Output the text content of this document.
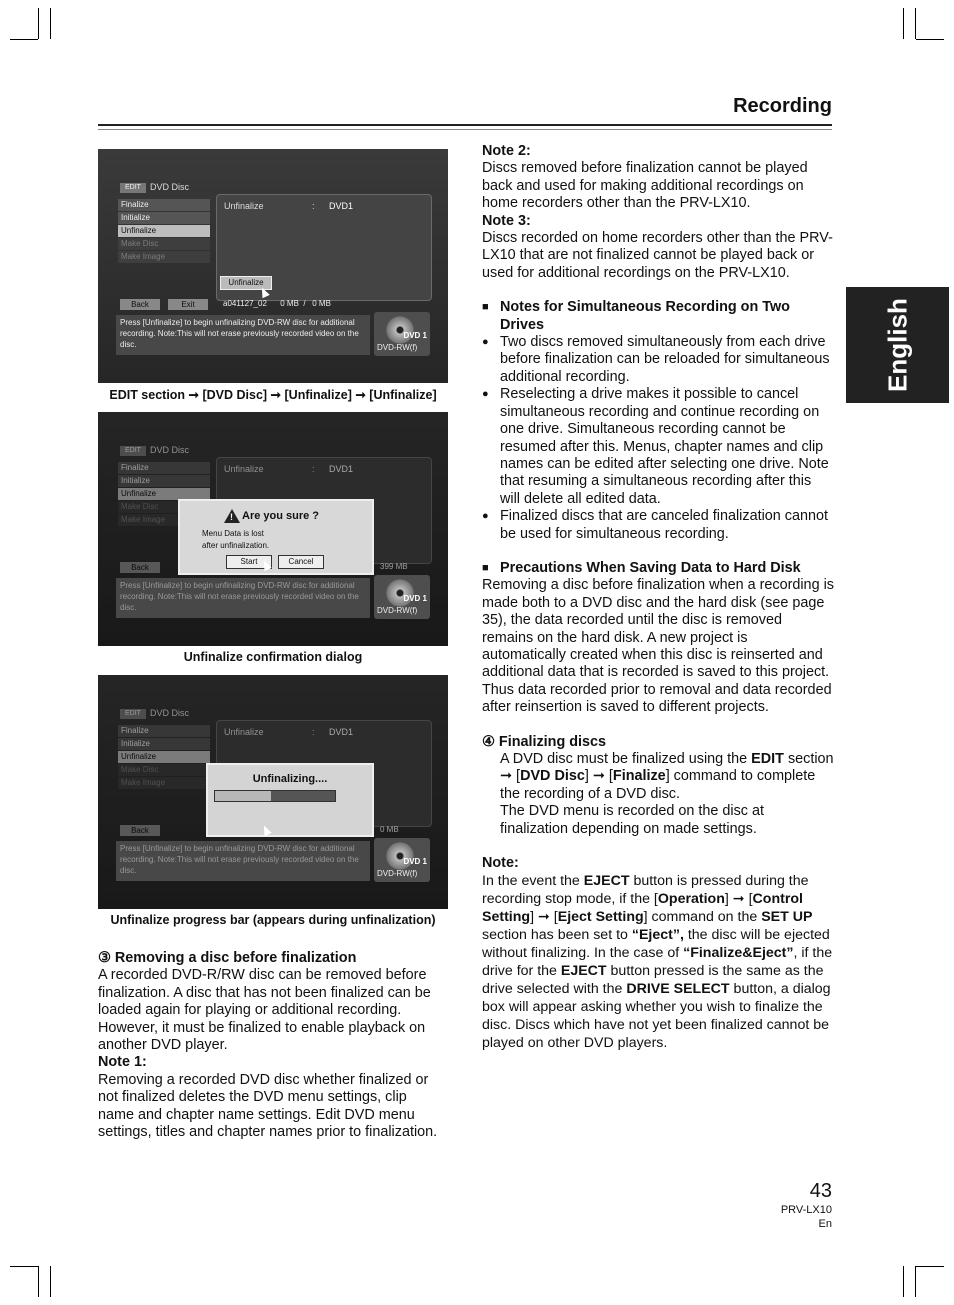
Recording
English
EDIT	DVD Disc
Finalize
Initialize
Unfinalize
Make Disc
Make Image
Unfinalize	: DVD1
Unfinalize
Back	Exit	a041127_02      0 MB  /   0 MB
Press [Unfinalize] to begin unfinalizing DVD-RW disc for additional recording. Note:This will not erase previously recorded video on the disc.
DVD 1
DVD-RW(f)
EDIT section ➞ [DVD Disc] ➞ [Unfinalize] ➞ [Unfinalize]
EDIT	DVD Disc
Finalize
Initialize
Unfinalize
Make Disc
Make Image
Unfinalize	: DVD1
Back	399 MB
! Are you sure ?
Menu Data is lost
after unfinalization.
Start	Cancel
Press [Unfinalize] to begin unfinalizing DVD-RW disc for additional recording. Note:This will not erase previously recorded video on the disc.
DVD 1
DVD-RW(f)
Unfinalize confirmation dialog
EDIT	DVD Disc
Finalize
Initialize
Unfinalize
Make Disc
Make Image
Unfinalize	: DVD1
Back	0 MB
Unfinalizing....
Press [Unfinalize] to begin unfinalizing DVD-RW disc for additional recording. Note:This will not erase previously recorded video on the disc.
DVD 1
DVD-RW(f)
Unfinalize progress bar (appears during unfinalization)

③ Removing a disc before finalization

A recorded DVD-R/RW disc can be removed before finalization. A disc that has not been finalized can be loaded again for playing or additional recording. However, it must be finalized to enable playback on another DVD player.

Note 1:

Removing a recorded DVD disc whether finalized or not finalized deletes the DVD menu settings, clip name and chapter name settings. Edit DVD menu settings, titles and chapter names prior to finalization.

Note 2:

Discs removed before finalization cannot be played back and used for making additional recordings on home recorders other than the PRV-LX10.

Note 3:

Discs recorded on home recorders other than the PRV-LX10 that are not finalized cannot be played back or used for additional recordings on the PRV-LX10.

■ Notes for Simultaneous Recording on Two Drives

● Two discs removed simultaneously from each drive before finalization can be reloaded for simultaneous additional recording.

● Reselecting a drive makes it possible to cancel simultaneous recording and continue recording on one drive. Simultaneous recording cannot be resumed after this. Menus, chapter names and clip names can be edited after selecting one drive. Note that resuming a simultaneous recording after this will delete all edited data.

● Finalized discs that are canceled finalization cannot be used for simultaneous recording.

■ Precautions When Saving Data to Hard Disk

Removing a disc before finalization when a recording is made both to a DVD disc and the hard disk (see page 35), the data recorded until the disc is removed remains on the hard disk. A new project is automatically created when this disc is reinserted and additional data that is recorded is saved to this project. Thus data recorded prior to removal and data recorded after reinsertion is saved to different projects.

④ Finalizing discs

A DVD disc must be finalized using the EDIT section ➞ [DVD Disc] ➞ [Finalize] command to complete the recording of a DVD disc.

The DVD menu is recorded on the disc at finalization depending on made settings.

Note:

In the event the EJECT button is pressed during the recording stop mode, if the [Operation] ➞ [Control Setting] ➞ [Eject Setting] command on the SET UP section has been set to “Eject”, the disc will be ejected without finalizing. In the case of “Finalize&Eject”, if the drive for the EJECT button pressed is the same as the drive selected with the DRIVE SELECT button, a dialog box will appear asking whether you wish to finalize the disc. Discs which have not yet been finalized cannot be played on other DVD players.

43
PRV-LX10
En
